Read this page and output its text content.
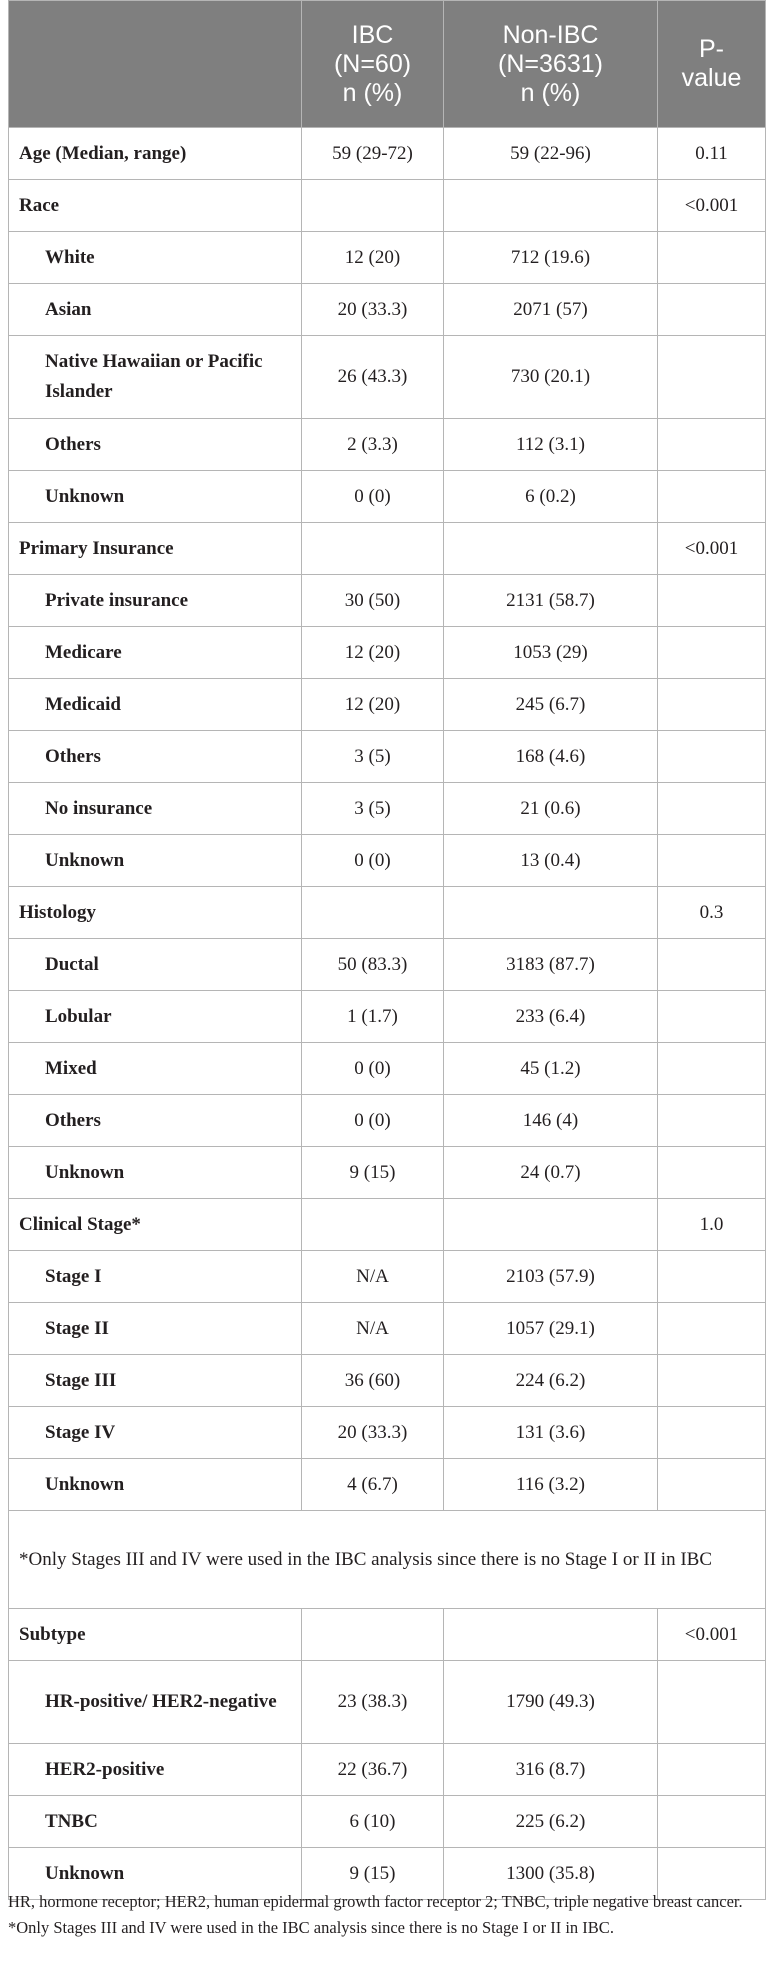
	IBC
(N=60)
n (%)	Non-IBC
(N=3631)
n (%)	P-
value
Age (Median, range)	59 (29-72)	59 (22-96)	0.11
Race			<0.001
White	12 (20)	712 (19.6)	
Asian	20 (33.3)	2071 (57)	
Native Hawaiian or Pacific Islander	26 (43.3)	730 (20.1)	
Others	2 (3.3)	112 (3.1)	
Unknown	0 (0)	6 (0.2)	
Primary Insurance			<0.001
Private insurance	30 (50)	2131 (58.7)	
Medicare	12 (20)	1053 (29)	
Medicaid	12 (20)	245 (6.7)	
Others	3 (5)	168 (4.6)	
No insurance	3 (5)	21 (0.6)	
Unknown	0 (0)	13 (0.4)	
Histology			0.3
Ductal	50 (83.3)	3183 (87.7)	
Lobular	1 (1.7)	233 (6.4)	
Mixed	0 (0)	45 (1.2)	
Others	0 (0)	146 (4)	
Unknown	9 (15)	24 (0.7)	
Clinical Stage*			1.0
Stage I	N/A	2103 (57.9)	
Stage II	N/A	1057 (29.1)	
Stage III	36 (60)	224 (6.2)	
Stage IV	20 (33.3)	131 (3.6)	
Unknown	4 (6.7)	116 (3.2)	
*Only Stages III and IV were used in the IBC analysis since there is no Stage I or II in IBC			
Subtype			<0.001
HR-positive/ HER2-negative	23 (38.3)	1790 (49.3)	
HER2-positive	22 (36.7)	316 (8.7)	
TNBC	6 (10)	225 (6.2)	
Unknown	9 (15)	1300 (35.8)	

HR, hormone receptor; HER2, human epidermal growth factor receptor 2; TNBC, triple negative breast cancer.

*Only Stages III and IV were used in the IBC analysis since there is no Stage I or II in IBC.
